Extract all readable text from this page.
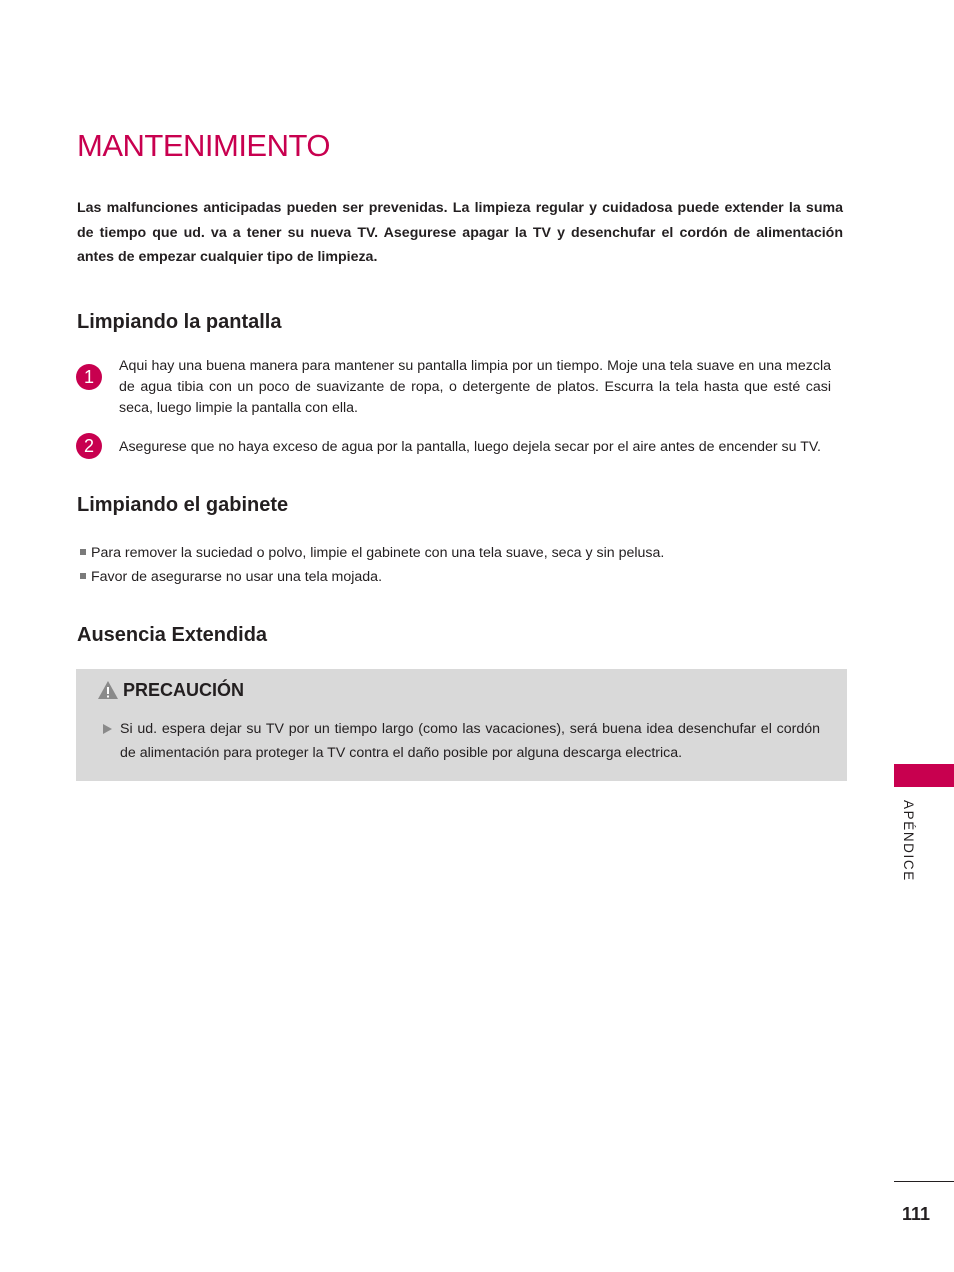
MANTENIMIENTO

Las malfunciones anticipadas pueden ser prevenidas. La limpieza regular y cuidadosa puede extender la suma de tiempo que ud. va a tener su nueva TV. Asegurese apagar la TV y desenchufar el cordón de alimentación antes de empezar cualquier tipo de limpieza.

Limpiando la pantalla
1

Aqui hay una buena manera para mantener su pantalla limpia por un tiempo. Moje una tela suave en una mezcla de agua tibia con un poco de suavizante de ropa, o detergente de platos. Escurra la tela hasta que esté casi seca, luego limpie la pantalla con ella.

2	Asegurese que no haya exceso de agua por la pantalla, luego dejela secar por el aire antes de encender su TV.

Limpiando el gabinete
Para remover la suciedad o polvo, limpie el gabinete con una tela suave, seca y sin pelusa.
Favor de asegurarse no usar una tela mojada.
Ausencia Extendida
PRECAUCIÓN

Si ud. espera dejar su TV por un tiempo largo (como las vacaciones), será buena idea desenchufar el cordón de alimentación para proteger la TV contra el daño posible por alguna descarga electrica.

APÉNDICE
111
